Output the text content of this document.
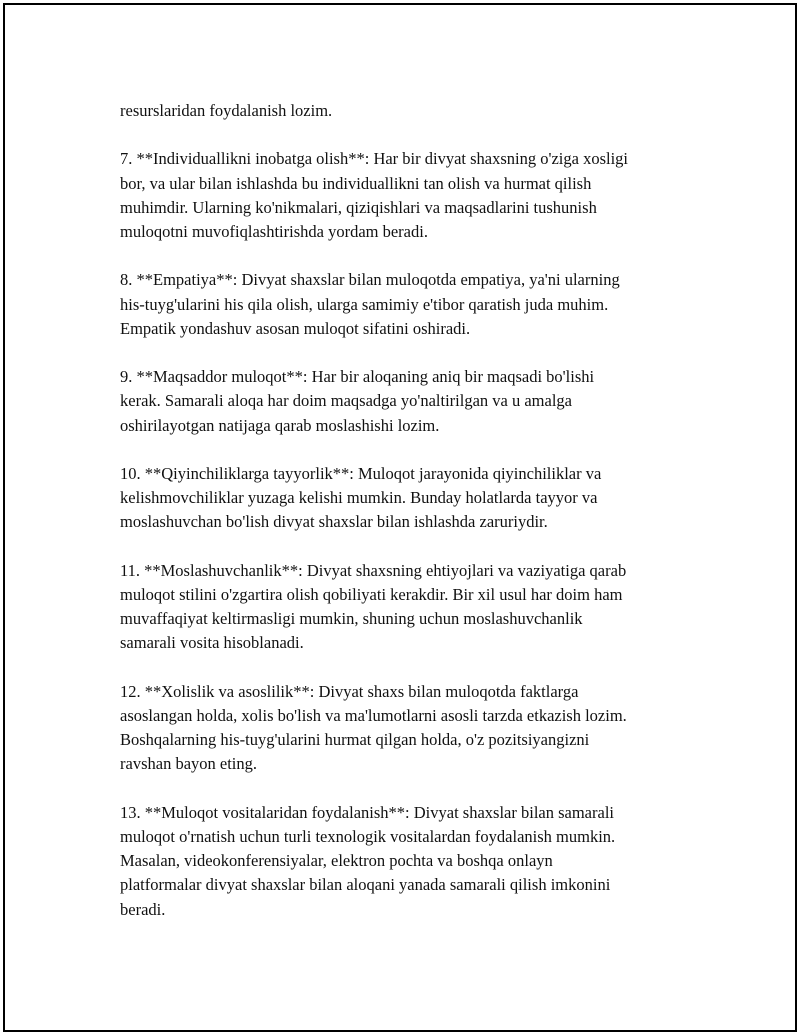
resurslaridan foydalanish lozim.

7. **Individuallikni inobatga olish**: Har bir divyat shaxsning o'ziga xosligi
bor, va ular bilan ishlashda bu individuallikni tan olish va hurmat qilish
muhimdir. Ularning ko'nikmalari, qiziqishlari va maqsadlarini tushunish
muloqotni muvofiqlashtirishda yordam beradi.

8. **Empatiya**: Divyat shaxslar bilan muloqotda empatiya, ya'ni ularning
his-tuyg'ularini his qila olish, ularga samimiy e'tibor qaratish juda muhim.
Empatik yondashuv asosan muloqot sifatini oshiradi.

9. **Maqsaddor muloqot**: Har bir aloqaning aniq bir maqsadi bo'lishi
kerak. Samarali aloqa har doim maqsadga yo'naltirilgan va u amalga
oshirilayotgan natijaga qarab moslashishi lozim.

10. **Qiyinchiliklarga tayyorlik**: Muloqot jarayonida qiyinchiliklar va
kelishmovchiliklar yuzaga kelishi mumkin. Bunday holatlarda tayyor va
moslashuvchan bo'lish divyat shaxslar bilan ishlashda zaruriydir.

11. **Moslashuvchanlik**: Divyat shaxsning ehtiyojlari va vaziyatiga qarab
muloqot stilini o'zgartira olish qobiliyati kerakdir. Bir xil usul har doim ham
muvaffaqiyat keltirmasligi mumkin, shuning uchun moslashuvchanlik
samarali vosita hisoblanadi.

12. **Xolislik va asoslilik**: Divyat shaxs bilan muloqotda faktlarga
asoslangan holda, xolis bo'lish va ma'lumotlarni asosli tarzda etkazish lozim.
Boshqalarning his-tuyg'ularini hurmat qilgan holda, o'z pozitsiyangizni
ravshan bayon eting.

13. **Muloqot vositalaridan foydalanish**: Divyat shaxslar bilan samarali
muloqot o'rnatish uchun turli texnologik vositalardan foydalanish mumkin.
Masalan, videokonferensiyalar, elektron pochta va boshqa onlayn
platformalar divyat shaxslar bilan aloqani yanada samarali qilish imkonini
beradi.
